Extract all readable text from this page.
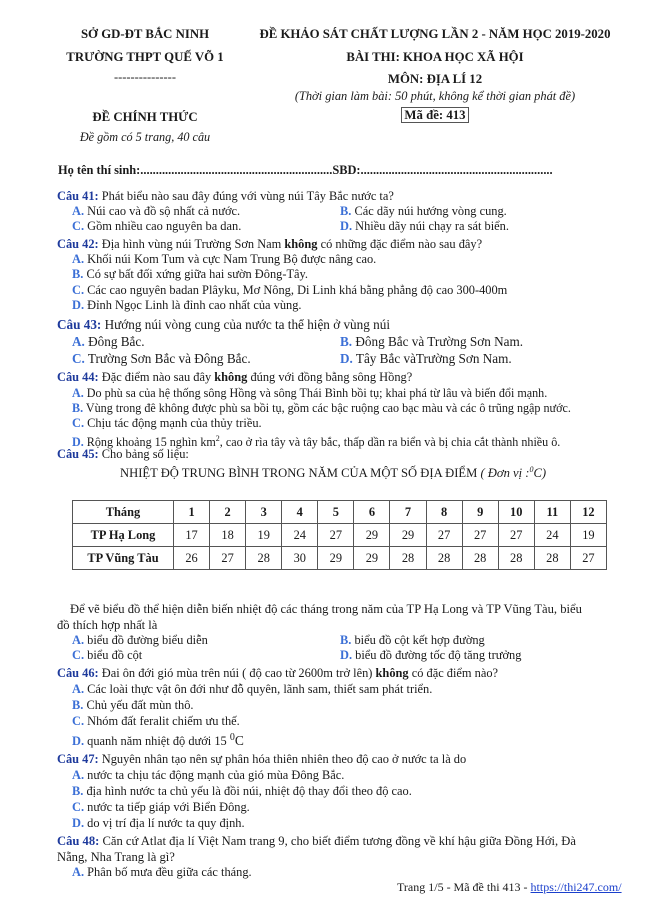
SỞ GD-ĐT BẮC NINH
TRƯỜNG THPT QUẾ VÕ 1
---------------
ĐỀ KHẢO SÁT CHẤT LƯỢNG LẦN 2 - NĂM HỌC 2019-2020
BÀI THI: KHOA HỌC XÃ HỘI
MÔN: ĐỊA LÍ 12
(Thời gian làm bài: 50 phút, không kể thời gian phát đề)
ĐỀ CHÍNH THỨC
Đề gồm có 5 trang, 40 câu
Mã đề: 413
Họ tên thí sinh:..............................................................SBD:..............................................................
Câu 41: Phát biểu nào sau đây đúng với vùng núi Tây Bắc nước ta?
A. Núi cao và đồ sộ nhất cả nước.	B. Các dãy núi hướng vòng cung.
C. Gồm nhiều cao nguyên ba dan.	D. Nhiều dãy núi chạy ra sát biển.
Câu 42: Địa hình vùng núi Trường Sơn Nam không có những đặc điểm nào sau đây?
A. Khối núi Kom Tum và cực Nam Trung Bộ được nâng cao.
B. Có sự bất đối xứng giữa hai sườn Đông-Tây.
C. Các cao nguyên badan Plâyku, Mơ Nông, Di Linh khá bằng phẳng độ cao 300-400m
D. Đỉnh Ngọc Linh là đỉnh cao nhất của vùng.
Câu 43: Hướng núi vòng cung của nước ta thể hiện ở vùng núi
A. Đông Bắc.	B. Đông Bắc và Trường Sơn Nam.
C. Trường Sơn Bắc và Đông Bắc.	D. Tây Bắc vàTrường Sơn Nam.
Câu 44: Đặc điểm nào sau đây không đúng với đồng bằng sông Hồng?
A. Do phù sa của hệ thống sông Hồng và sông Thái Bình bồi tụ; khai phá từ lâu và biến đổi mạnh.
B. Vùng trong đê không được phù sa bồi tụ, gồm các bậc ruộng cao bạc màu và các ô trũng ngập nước.
C. Chịu tác động mạnh của thủy triều.
D. Rộng khoảng 15 nghìn $km^2$, cao ở rìa tây và tây bắc, thấp dần ra biển và bị chia cắt thành nhiều ô.
Câu 45: Cho bảng số liệu:
NHIỆT ĐỘ TRUNG BÌNH TRONG NĂM CỦA MỘT SỐ ĐỊA ĐIỂM ( Đơn vị :$^0$C)
Tháng	1	2	3	4	5	6	7	8	9	10	11	12
TP Hạ Long	17	18	19	24	27	29	29	27	27	27	24	19
TP Vũng Tàu	26	27	28	30	29	29	28	28	28	28	28	27
Để vẽ biểu đồ thể hiện diễn biến nhiệt độ các tháng trong năm của TP Hạ Long và TP Vũng Tàu, biểu
đồ thích hợp nhất là
A. biểu đồ đường biểu diễn	B. biểu đồ cột kết hợp đường
C. biểu đồ cột	D. biểu đồ đường tốc độ tăng trưởng
Câu 46: Đai ôn đới gió mùa trên núi ( độ cao từ 2600m trở lên) không có đặc điểm nào?
A. Các loài thực vật ôn đới như đỗ quyên, lãnh sam, thiết sam phát triển.
B. Chủ yếu đất mùn thô.
C. Nhóm đất feralit chiếm ưu thế.
D. quanh năm nhiệt độ dưới 15 $^0$C
Câu 47: Nguyên nhân tạo nên sự phân hóa thiên nhiên theo độ cao ở nước ta là do
A. nước ta chịu tác động mạnh của gió mùa Đông Bắc.
B. địa hình nước ta chủ yếu là đồi núi, nhiệt độ thay đổi theo độ cao.
C. nước ta tiếp giáp với Biển Đông.
D. do vị trí địa lí nước ta quy định.
Câu 48: Căn cứ Atlat địa lí Việt Nam trang 9, cho biết điểm tương đồng về khí hậu giữa Đồng Hới, Đà
Nẵng, Nha Trang là gì?
A. Phân bố mưa đều giữa các tháng.
Trang 1/5 - Mã đề thi 413 - https://thi247.com/
